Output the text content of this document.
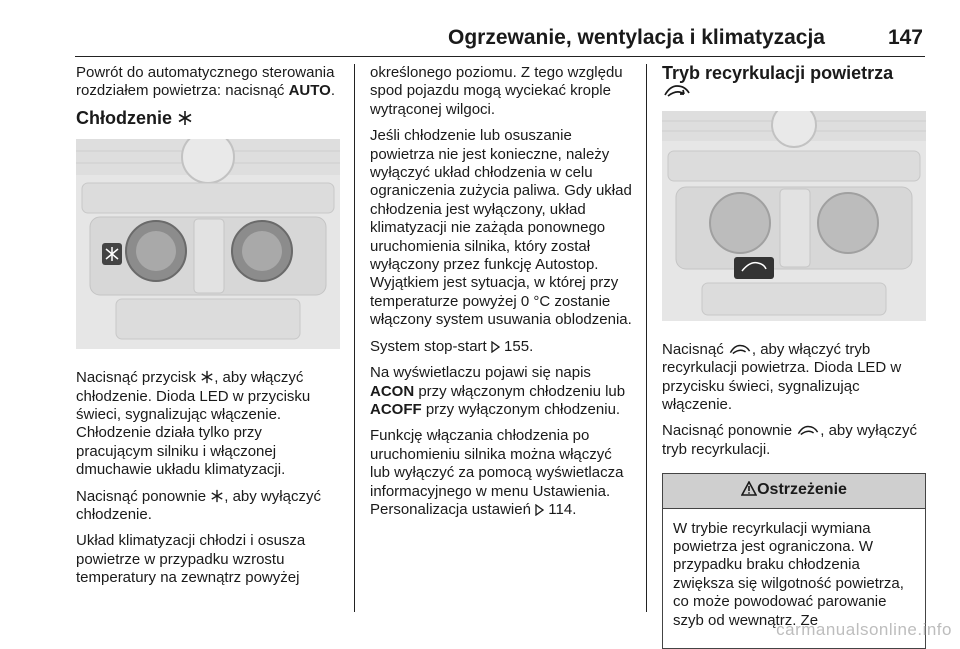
Ogrzewanie, wentylacja i klimatyzacja	147

Powrót do automatycznego sterowania rozdziałem powietrza: nacisnąć AUTO.

Chłodzenie

Nacisnąć przycisk , aby włączyć chłodzenie. Dioda LED w przycisku świeci, sygnalizując włączenie.
Chłodzenie działa tylko przy pracującym silniku i włączonej dmuchawie układu klimatyzacji.

Nacisnąć ponownie , aby wyłączyć chłodzenie.

Układ klimatyzacji chłodzi i osusza powietrze w przypadku wzrostu temperatury na zewnątrz powyżej

określonego poziomu. Z tego względu spod pojazdu mogą wyciekać krople wytrąconej wilgoci.

Jeśli chłodzenie lub osuszanie powietrza nie jest konieczne, należy wyłączyć układ chłodzenia w celu ograniczenia zużycia paliwa. Gdy układ chłodzenia jest wyłączony, układ klimatyzacji nie zażąda ponownego uruchomienia silnika, który został wyłączony przez funkcję Autostop. Wyjątkiem jest sytuacja, w której przy temperaturze powyżej 0 °C zostanie włączony system usuwania oblodzenia.

System stop-start  155.

Na wyświetlaczu pojawi się napis ACON przy włączonym chłodzeniu lub ACOFF przy wyłączonym chłodzeniu.

Funkcję włączania chłodzenia po uruchomieniu silnika można włączyć lub wyłączyć za pomocą wyświetlacza informacyjnego w menu Ustawienia. Personalizacja ustawień  114.

Tryb recyrkulacji powietrza

Nacisnąć , aby włączyć tryb recyrkulacji powietrza. Dioda LED w przycisku świeci, sygnalizując włączenie.

Nacisnąć ponownie , aby wyłączyć tryb recyrkulacji.

Ostrzeżenie
W trybie recyrkulacji wymiana powietrza jest ograniczona. W przypadku braku chłodzenia zwiększa się wilgotność powietrza, co może powodować parowanie szyb od wewnątrz. Ze
carmanualsonline.info
